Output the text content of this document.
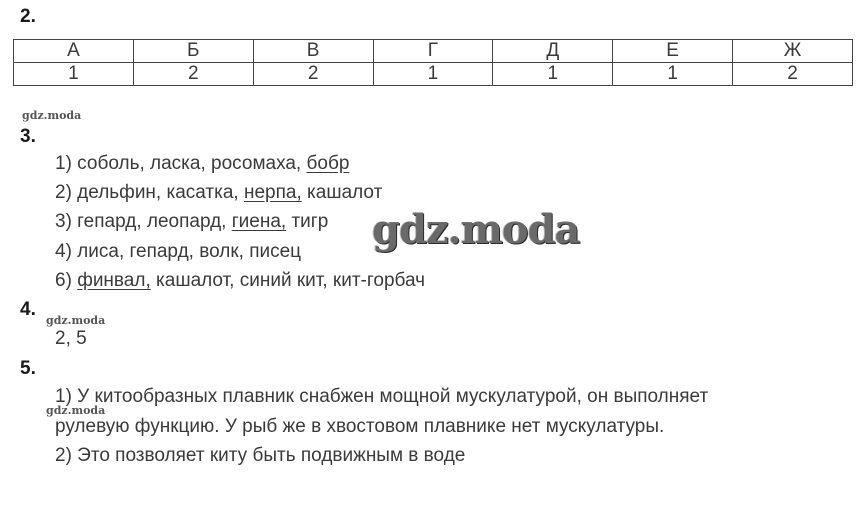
2.
А	Б	В	Г	Д	Е	Ж
1	2	2	1	1	1	2
gdz.moda
3.
1) соболь, ласка, росомаха, бобр
2) дельфин, касатка, нерпа, кашалот
3) гепард, леопард, гиена, тигр
4) лиса, гепард, волк, писец
6) финвал, кашалот, синий кит, кит-горбач
gdz.moda
4.
gdz.moda
2, 5
5.
1) У китообразных плавник снабжен мощной мускулатурой, он выполняет
gdz.moda
рулевую функцию. У рыб же в хвостовом плавнике нет мускулатуры.
2) Это позволяет киту быть подвижным в воде
